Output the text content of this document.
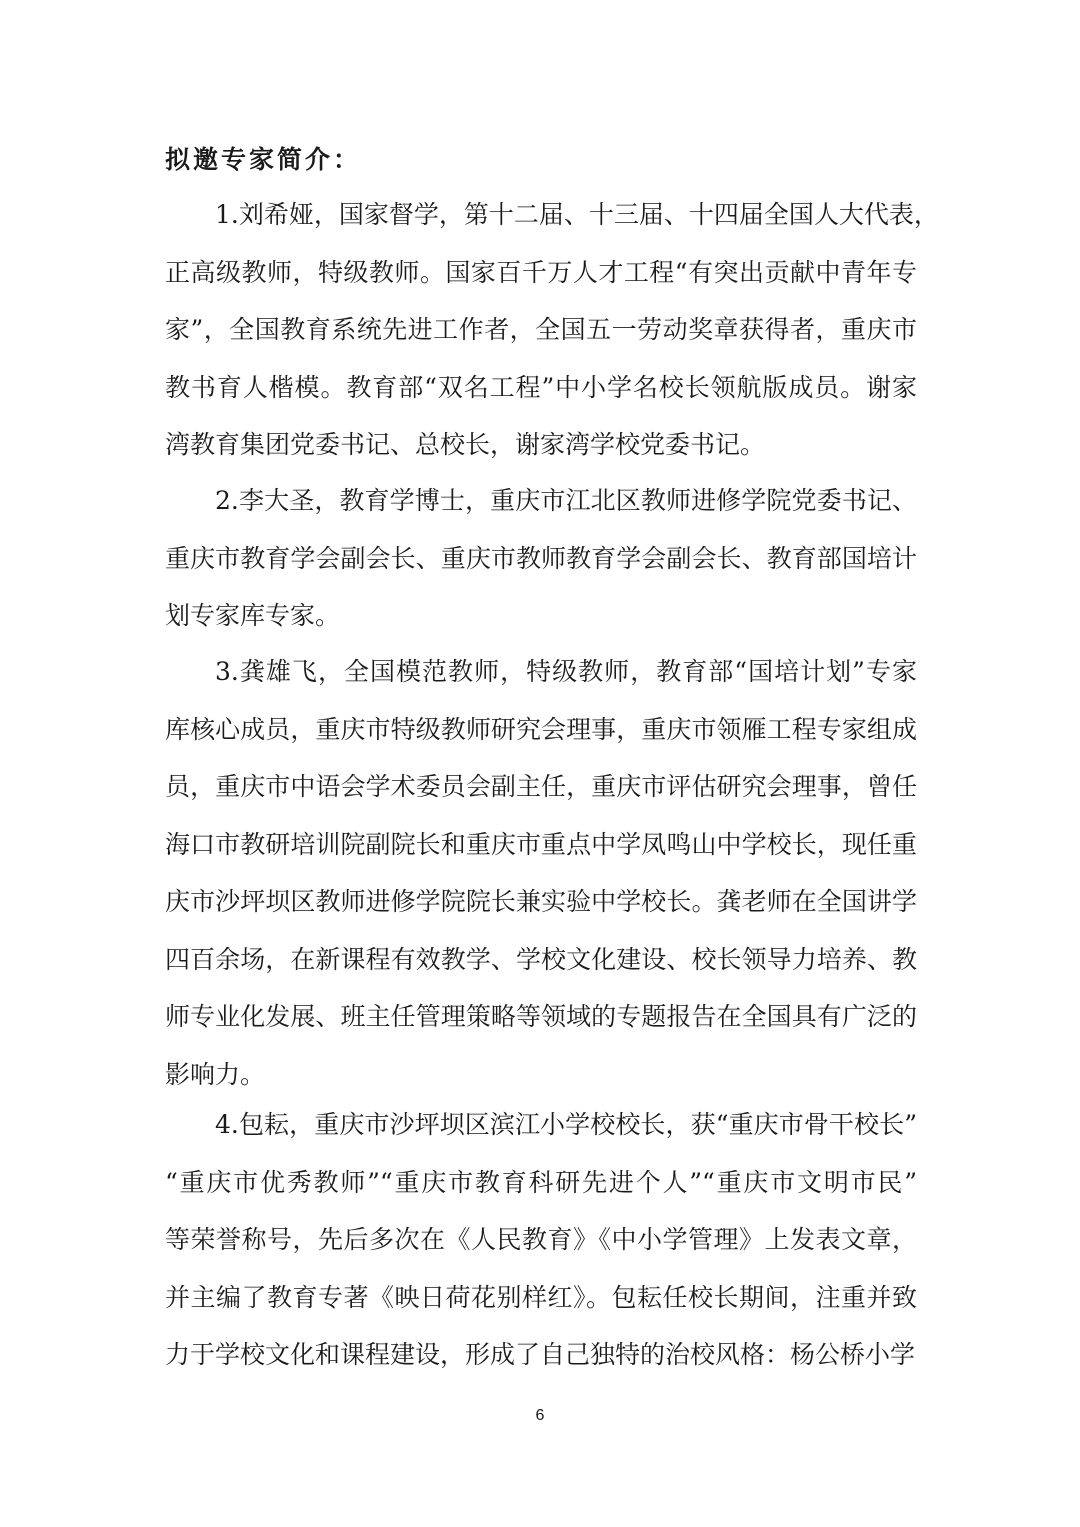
拟邀专家简介：
1.刘希娅，国家督学，第十二届、十三届、十四届全国人大代表，
正高级教师，特级教师。国家百千万人才工程“有突出贡献中青年专
家”，全国教育系统先进工作者，全国五一劳动奖章获得者，重庆市
教书育人楷模。教育部“双名工程”中小学名校长领航版成员。谢家
湾教育集团党委书记、总校长，谢家湾学校党委书记。
2.李大圣，教育学博士，重庆市江北区教师进修学院党委书记、
重庆市教育学会副会长、重庆市教师教育学会副会长、教育部国培计
划专家库专家。
3.龚雄飞，全国模范教师，特级教师，教育部“国培计划”专家
库核心成员，重庆市特级教师研究会理事，重庆市领雁工程专家组成
员，重庆市中语会学术委员会副主任，重庆市评估研究会理事，曾任
海口市教研培训院副院长和重庆市重点中学凤鸣山中学校长，现任重
庆市沙坪坝区教师进修学院院长兼实验中学校长。龚老师在全国讲学
四百余场，在新课程有效教学、学校文化建设、校长领导力培养、教
师专业化发展、班主任管理策略等领域的专题报告在全国具有广泛的
影响力。
4.包耘，重庆市沙坪坝区滨江小学校校长，获“重庆市骨干校长”
“重庆市优秀教师”“重庆市教育科研先进个人”“重庆市文明市民”
等荣誉称号，先后多次在《人民教育》《中小学管理》上发表文章，
并主编了教育专著《映日荷花别样红》。包耘任校长期间，注重并致
力于学校文化和课程建设，形成了自己独特的治校风格：杨公桥小学
6
